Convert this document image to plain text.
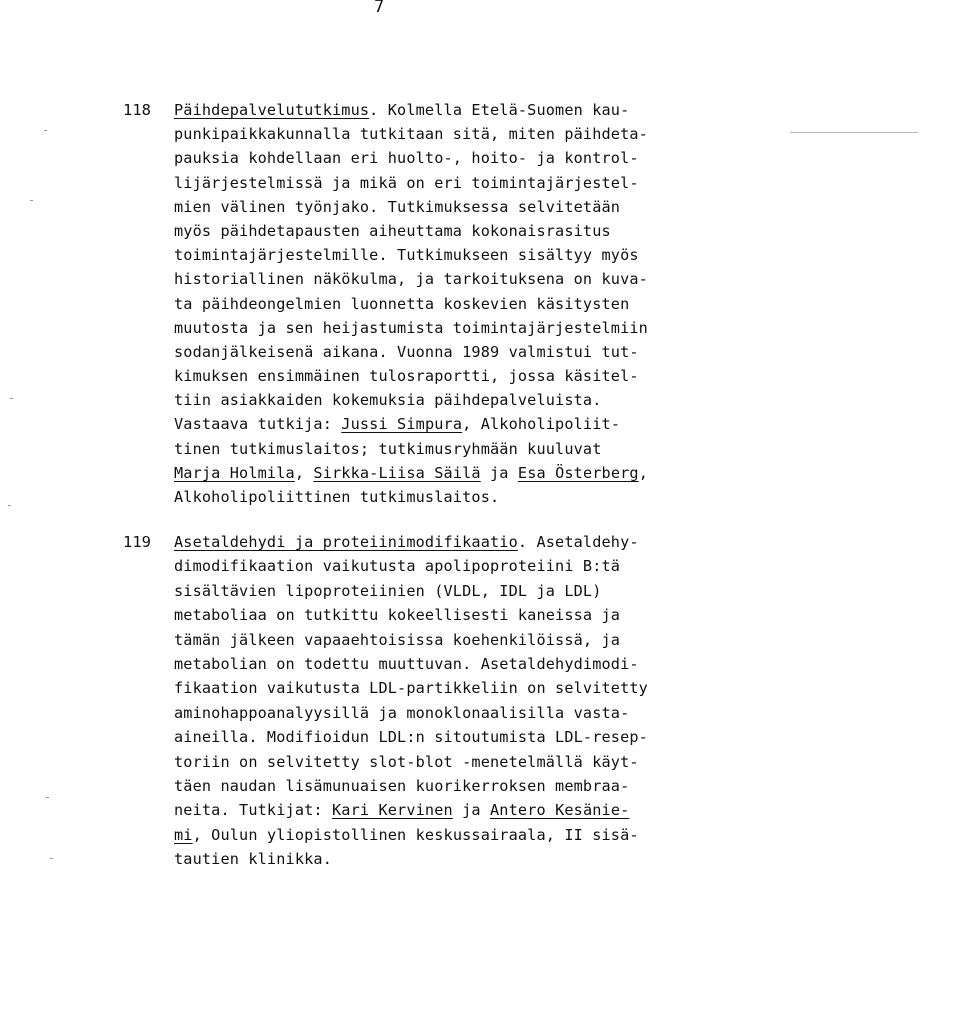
7
118 Päihdepalvelututkimus. Kolmella Etelä-Suomen kau-
punkipaikkakunnalla tutkitaan sitä, miten päihdeta-
pauksia kohdellaan eri huolto-, hoito- ja kontrol-
lijärjestelmissä ja mikä on eri toimintajärjestel-
mien välinen työnjako. Tutkimuksessa selvitetään
myös päihdetapausten aiheuttama kokonaisrasitus
toimintajärjestelmille. Tutkimukseen sisältyy myös
historiallinen näkökulma, ja tarkoituksena on kuva-
ta päihdeongelmien luonnetta koskevien käsitysten
muutosta ja sen heijastumista toimintajärjestelmiin
sodanjälkeisenä aikana. Vuonna 1989 valmistui tut-
kimuksen ensimmäinen tulosraportti, jossa käsitel-
tiin asiakkaiden kokemuksia päihdepalveluista.
Vastaava tutkija: Jussi Simpura, Alkoholipoliit-
tinen tutkimuslaitos; tutkimusryhmään kuuluvat
Marja Holmila, Sirkka-Liisa Säilä ja Esa Österberg,
Alkoholipoliittinen tutkimuslaitos.
119 Asetaldehydi ja proteiinimodifikaatio. Asetaldehy-
dimodifikaation vaikutusta apolipoproteiini B:tä
sisältävien lipoproteiinien (VLDL, IDL ja LDL)
metaboliaa on tutkittu kokeellisesti kaneissa ja
tämän jälkeen vapaaehtoisissa koehenkilöissä, ja
metabolian on todettu muuttuvan. Asetaldehydimodi-
fikaation vaikutusta LDL-partikkeliin on selvitetty
aminohappoanalyysillä ja monoklonaalisilla vasta-
aineilla. Modifioidun LDL:n sitoutumista LDL-resep-
toriin on selvitetty slot-blot -menetelmällä käyt-
täen naudan lisämunuaisen kuorikerroksen membraa-
neita. Tutkijat: Kari Kervinen ja Antero Kesänie-
mi, Oulun yliopistollinen keskussairaala, II sisä-
tautien klinikka.
